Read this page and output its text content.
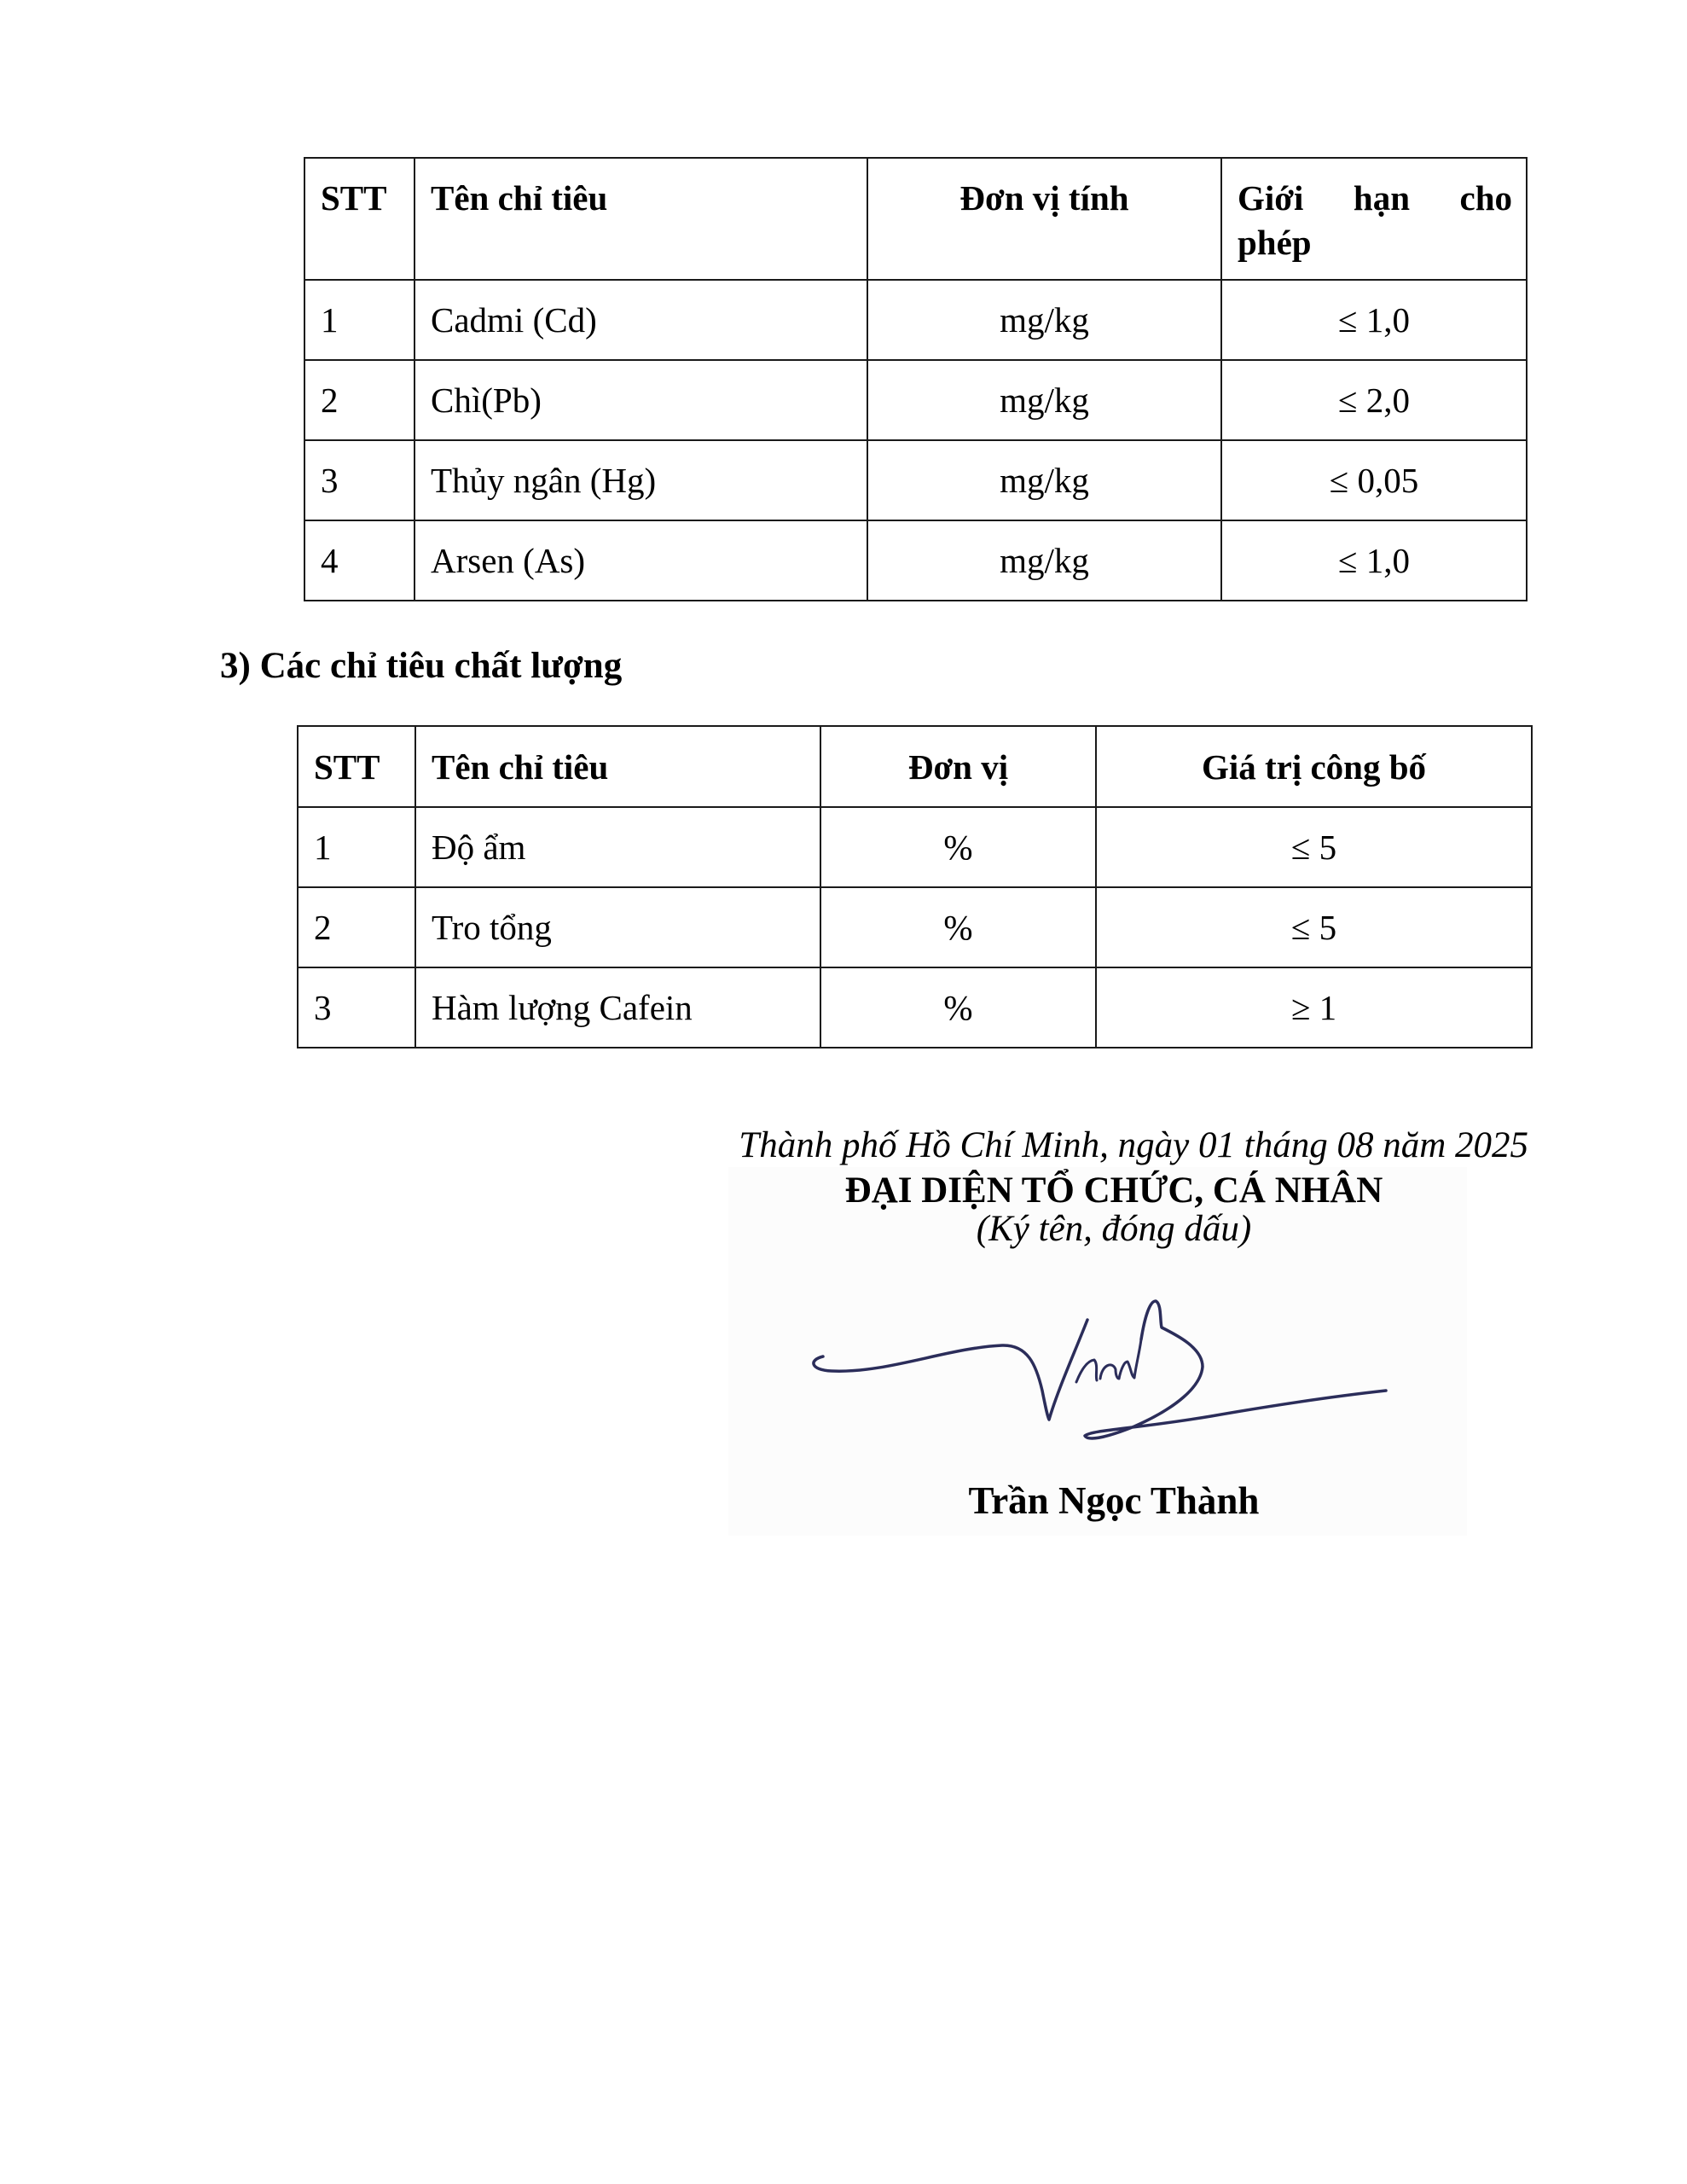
STT	Tên chỉ tiêu	Đơn vị tính	Giới hạn cho
phép

1	Cadmi (Cd)	mg/kg	≤ 1,0
2	Chì(Pb)	mg/kg	≤ 2,0
3	Thủy ngân (Hg)	mg/kg	≤ 0,05
4	Arsen (As)	mg/kg	≤ 1,0
3) Các chỉ tiêu chất lượng
STT	Tên chỉ tiêu	Đơn vị	Giá trị công bố
1	Độ ẩm	%	≤ 5
2	Tro tổng	%	≤ 5
3	Hàm lượng Cafein	%	≥ 1
Thành phố Hồ Chí Minh, ngày 01 tháng 08 năm 2025
ĐẠI DIỆN TỔ CHỨC, CÁ NHÂN
(Ký tên, đóng dấu)
Trần Ngọc Thành
